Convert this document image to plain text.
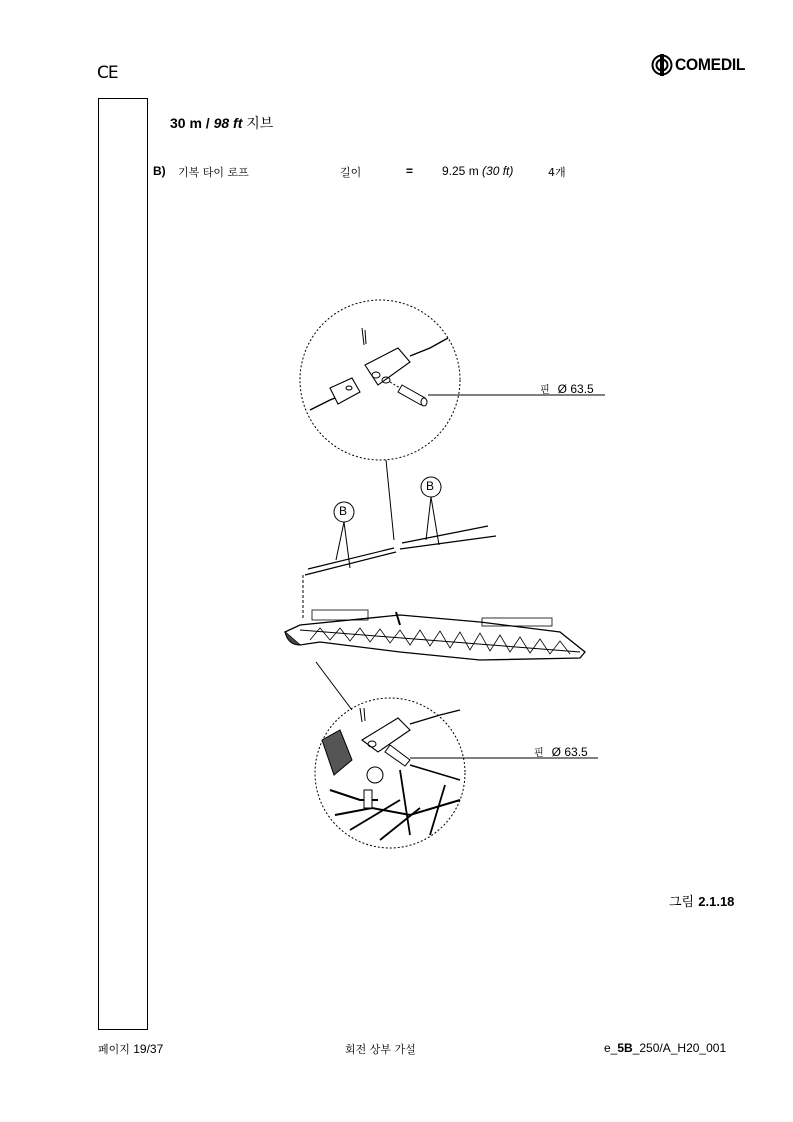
CE	COMEDIL
30 m / 98 ft 지브
B) 기복 타이 로프	길이	= 9.25 m (30 ft)	4개
핀 Ø 63.5
핀 Ø 63.5
B
B
그림 2.1.18
페이지 19/37	회전 상부 가설	e_5B_250/A_H20_001
